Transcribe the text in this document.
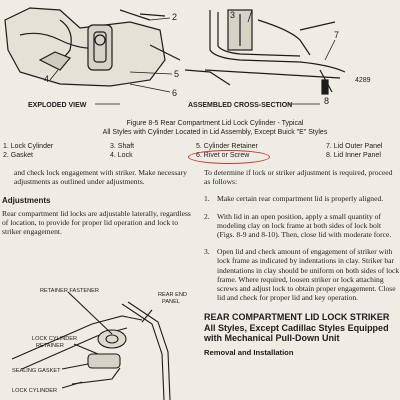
2	3
4	5
6
7
8
4289
EXPLODED VIEW	ASSEMBLED CROSS-SECTION
Figure 8-5 Rear Compartment Lid Lock Cylinder - Typical
All Styles with Cylinder Located in Lid Assembly, Except Buick "E" Styles
1. Lock Cylinder
2. Gasket
3. Shaft
4. Lock
5. Cylinder Retainer
6. Rivet or Screw
7. Lid Outer Panel
8. Lid Inner Panel
and check lock engagement with striker. Make necessary adjustments as outlined under adjustments.
Adjustments
Rear compartment lid locks are adjustable laterally, regardless of location, to provide for proper lid operation and lock to striker engagement.
RETAINER FASTENER
REAR END
PANEL
LOCK CYLINDER
RETAINER
SEALING GASKET
LOCK CYLINDER
To determine if lock or striker adjustment is required, proceed as follows:
1. Make certain rear compartment lid is properly aligned.
2. With lid in an open position, apply a small quantity of modeling clay on lock frame at both sides of lock bolt (Figs. 8-9 and 8-10). Then, close lid with moderate force.
3. Open lid and check amount of engagement of striker with lock frame as indicated by indentations in clay. Striker bar indentations in clay should be uniform on both sides of lock frame. Where required, loosen striker or lock attaching screws and adjust lock to obtain proper engagement. Close lid and check for proper lid and key operation.
REAR COMPARTMENT LID LOCK STRIKER
All Styles, Except Cadillac Styles Equipped with Mechanical Pull-Down Unit
Removal and Installation
